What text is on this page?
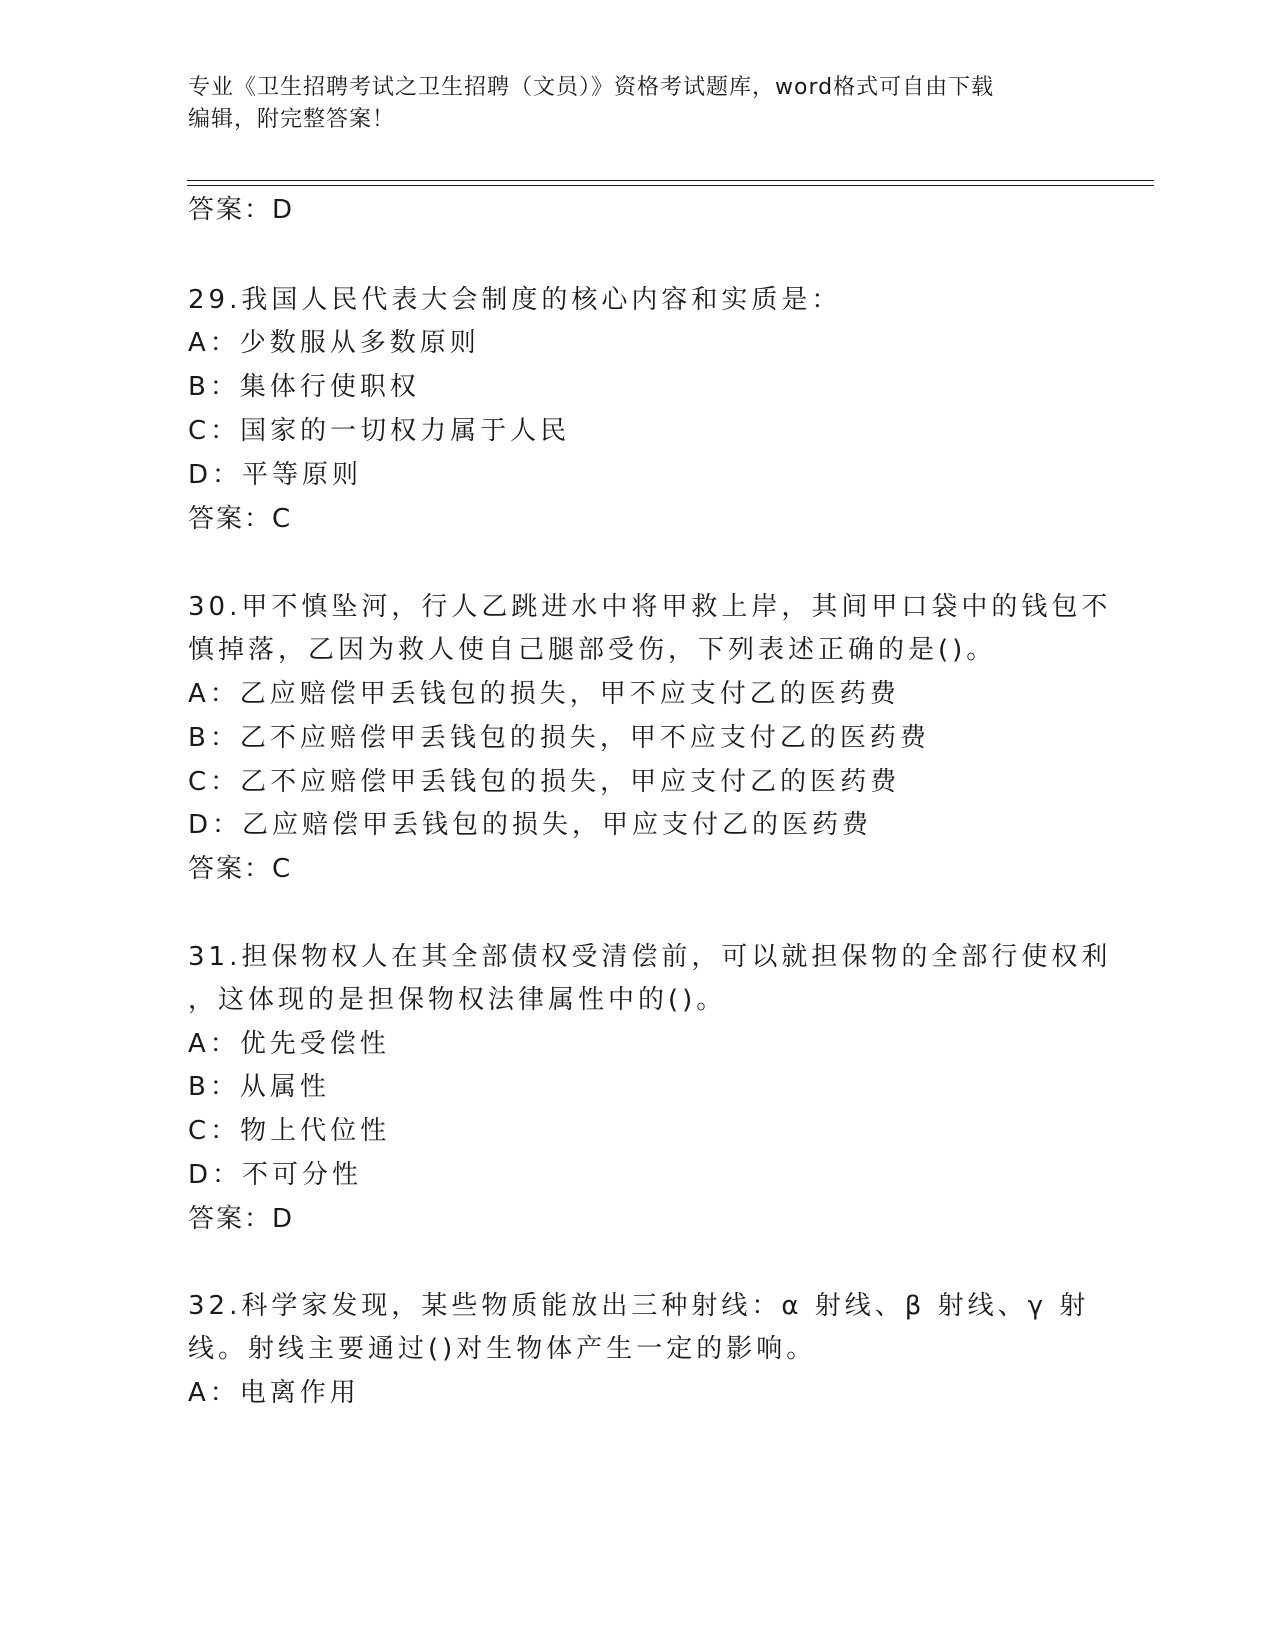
专业《卫生招聘考试之卫生招聘（文员）》资格考试题库，word格式可自由下载
编辑，附完整答案！
答案：D
29.我国人民代表大会制度的核心内容和实质是：
A：少数服从多数原则
B：集体行使职权
C：国家的一切权力属于人民
D：平等原则
答案：C
30.甲不慎坠河，行人乙跳进水中将甲救上岸，其间甲口袋中的钱包不
慎掉落，乙因为救人使自己腿部受伤，下列表述正确的是()。
A：乙应赔偿甲丢钱包的损失，甲不应支付乙的医药费
B：乙不应赔偿甲丢钱包的损失，甲不应支付乙的医药费
C：乙不应赔偿甲丢钱包的损失，甲应支付乙的医药费
D：乙应赔偿甲丢钱包的损失，甲应支付乙的医药费
答案：C
31.担保物权人在其全部债权受清偿前，可以就担保物的全部行使权利
，这体现的是担保物权法律属性中的()。
A：优先受偿性
B：从属性
C：物上代位性
D：不可分性
答案：D
32.科学家发现，某些物质能放出三种射线：α 射线、β 射线、γ 射
线。射线主要通过()对生物体产生一定的影响。
A：电离作用
